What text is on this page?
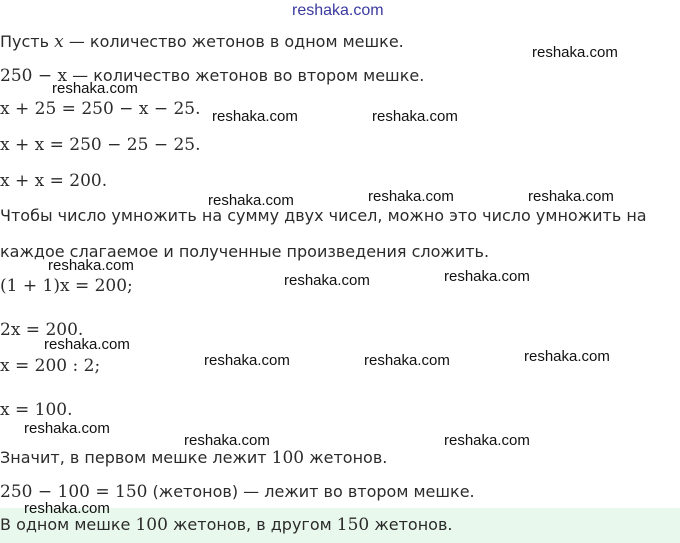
reshaka.com
Пусть x — количество жетонов в одном мешке.
250 − x — количество жетонов во втором мешке.
x + 25 = 250 − x − 25.
x + x = 250 − 25 − 25.
x + x = 200.
Чтобы число умножить на сумму двух чисел, можно это число умножить на
каждое слагаемое и полученные произведения сложить.
(1 + 1)x = 200;
2x = 200.
x = 200 : 2;
x = 100.
Значит, в первом мешке лежит 100 жетонов.
250 − 100 = 150 (жетонов) — лежит во втором мешке.
В одном мешке 100 жетонов, в другом 150 жетонов.
reshaka.com
reshaka.com
reshaka.com	reshaka.com
reshaka.com	reshaka.com	reshaka.com
reshaka.com
reshaka.com	reshaka.com
reshaka.com
reshaka.com	reshaka.com	reshaka.com
reshaka.com
reshaka.com	reshaka.com
reshaka.com
